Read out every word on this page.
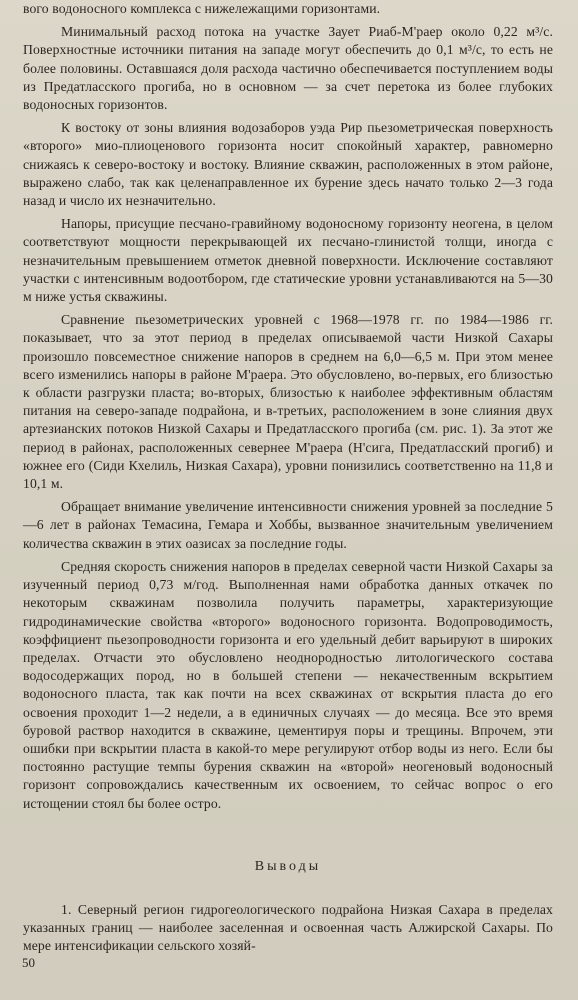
вого водоносного комплекса с нижележащими горизонтами.

Минимальный расход потока на участке Заует Риаб-М'раер около 0,22 м³/с. Поверхностные источники питания на западе могут обеспечить до 0,1 м³/с, то есть не более половины. Оставшаяся доля расхода частично обеспечивается поступлением воды из Предатласского прогиба, но в основном — за счет перетока из более глубоких водоносных горизонтов.

К востоку от зоны влияния водозаборов уэда Рир пьезометрическая поверхность «второго» мио-плиоценового горизонта носит спокойный характер, равномерно снижаясь к северо-востоку и востоку. Влияние скважин, расположенных в этом районе, выражено слабо, так как целенаправленное их бурение здесь начато только 2—3 года назад и число их незначительно.

Напоры, присущие песчано-гравийному водоносному горизонту неогена, в целом соответствуют мощности перекрывающей их песчано-глинистой толщи, иногда с незначительным превышением отметок дневной поверхности. Исключение составляют участки с интенсивным водоотбором, где статические уровни устанавливаются на 5—30 м ниже устья скважины.

Сравнение пьезометрических уровней с 1968—1978 гг. по 1984—1986 гг. показывает, что за этот период в пределах описываемой части Низкой Сахары произошло повсеместное снижение напоров в среднем на 6,0—6,5 м. При этом менее всего изменились напоры в районе М'раера. Это обусловлено, во-первых, его близостью к области разгрузки пласта; во-вторых, близостью к наиболее эффективным областям питания на северо-западе подрайона, и в-третьих, расположением в зоне слияния двух артезианских потоков Низкой Сахары и Предатласского прогиба (см. рис. 1). За этот же период в районах, расположенных севернее М'раера (Н'сига, Предатласский прогиб) и южнее его (Сиди Кхелиль, Низкая Сахара), уровни понизились соответственно на 11,8 и 10,1 м.

Обращает внимание увеличение интенсивности снижения уровней за последние 5—6 лет в районах Темасина, Гемара и Хоббы, вызванное значительным увеличением количества скважин в этих оазисах за последние годы.

Средняя скорость снижения напоров в пределах северной части Низкой Сахары за изученный период 0,73 м/год. Выполненная нами обработка данных откачек по некоторым скважинам позволила получить параметры, характеризующие гидродинамические свойства «второго» водоносного горизонта. Водопроводимость, коэффициент пьезопроводности горизонта и его удельный дебит варьируют в широких пределах. Отчасти это обусловлено неоднородностью литологического состава водосодержащих пород, но в большей степени — некачественным вскрытием водоносного пласта, так как почти на всех скважинах от вскрытия пласта до его освоения проходит 1—2 недели, а в единичных случаях — до месяца. Все это время буровой раствор находится в скважине, цементируя поры и трещины. Впрочем, эти ошибки при вскрытии пласта в какой-то мере регулируют отбор воды из него. Если бы постоянно растущие темпы бурения скважин на «второй» неогеновый водоносный горизонт сопровождались качественным их освоением, то сейчас вопрос о его истощении стоял бы более остро.

Выводы

1. Северный регион гидрогеологического подрайона Низкая Сахара в пределах указанных границ — наиболее заселенная и освоенная часть Алжирской Сахары. По мере интенсификации сельского хозяй-

50
